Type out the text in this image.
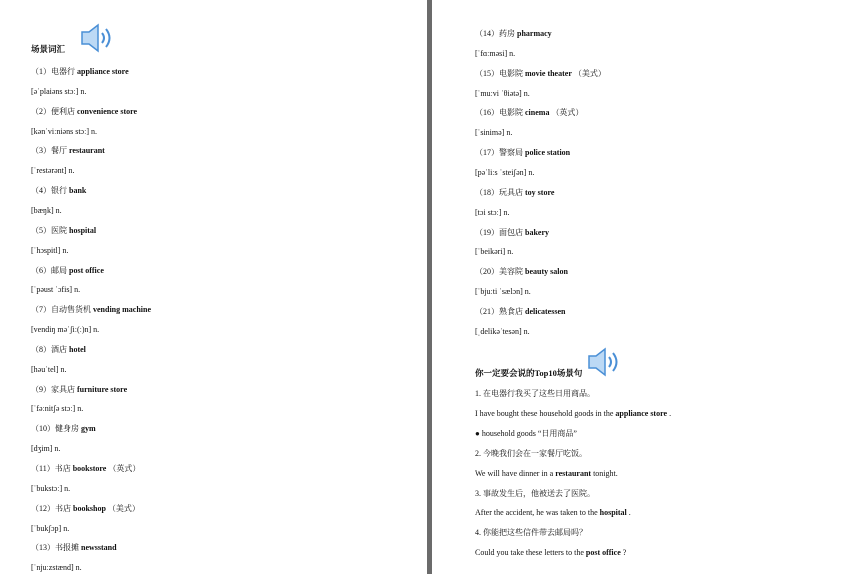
场景词汇
（1）电器行 appliance store
[əˈplaiəns stɔː] n.
（2）便利店 convenience store
[kənˈviːniəns stɔː] n.
（3）餐厅 restaurant
[ˈrestərənt] n.
（4）银行 bank
[bæŋk] n.
（5）医院 hospital
[ˈhɔspitl] n.
（6）邮局 post office
[ˈpəust ˈɔfis] n.
（7）自动售货机 vending machine
[vendiŋ məˈʃiː(ː)n] n.
（8）酒店 hotel
[həuˈtel] n.
（9）家具店 furniture store
[ˈfəːnitʃə stɔː] n.
（10）健身房 gym
[dʒim] n.
（11）书店 bookstore （英式）
[ˈbukstɔː] n.
（12）书店 bookshop （美式）
[ˈbukʃɔp] n.
（13）书报摊 newsstand
[ˈnjuːzstænd] n.
（14）药房 pharmacy
[ˈfɑːməsi] n.
（15）电影院 movie theater （美式）
[ˈmuːvi ˈθiətə] n.
（16）电影院 cinema （英式）
[ˈsinimə] n.
（17）警察局 police station
[pəˈliːs ˈsteiʃən] n.
（18）玩具店 toy store
[tɔi stɔː] n.
（19）面包店 bakery
[ˈbeikəri] n.
（20）美容院 beauty salon
[ˈbjuːti ˈsælɔn] n.
（21）熟食店 delicatessen
[ˌdelikəˈtesən] n.
你一定要会说的Top10场景句
1. 在电器行我买了这些日用商品。
I have bought these household goods in the appliance store .
● household goods “日用商品”
2. 今晚我们会在一家餐厅吃饭。
We will have dinner in a restaurant tonight.
3. 事故发生后，他被送去了医院。
After the accident, he was taken to the hospital .
4. 你能把这些信件带去邮局吗？
Could you take these letters to the post office ?
